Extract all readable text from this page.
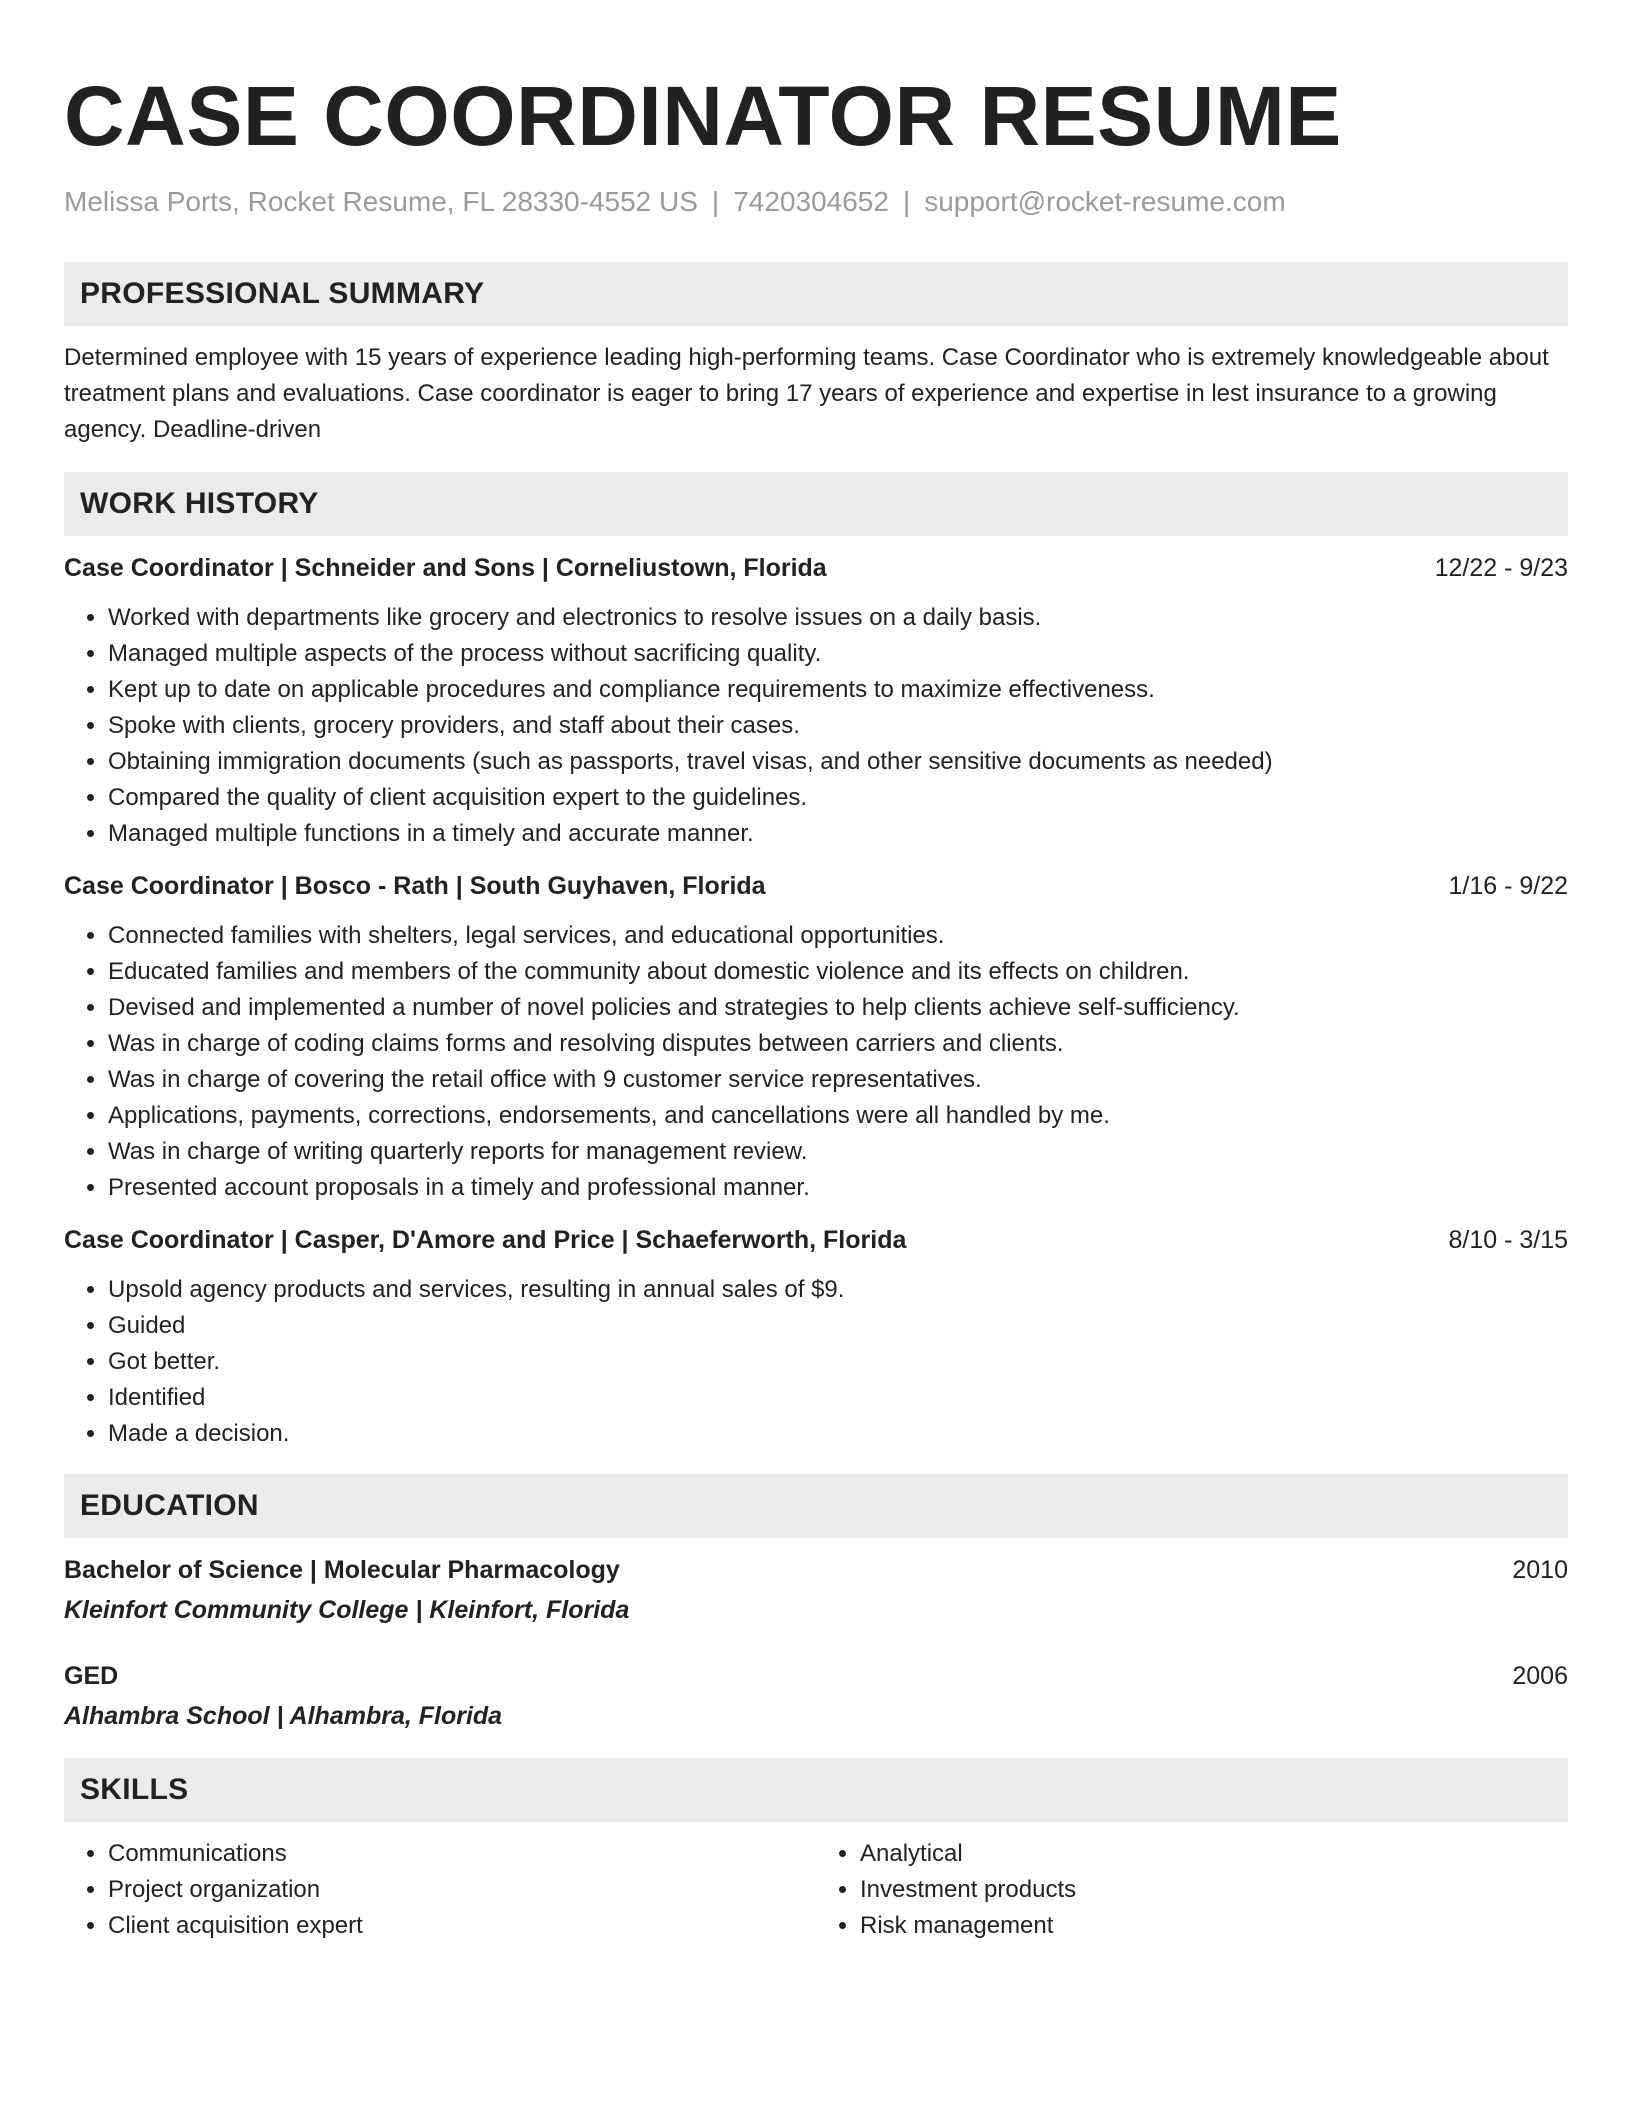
CASE COORDINATOR RESUME
Melissa Ports, Rocket Resume, FL 28330-4552 US | 7420304652 | support@rocket-resume.com
PROFESSIONAL SUMMARY

Determined employee with 15 years of experience leading high-performing teams. Case Coordinator who is extremely knowledgeable about treatment plans and evaluations. Case coordinator is eager to bring 17 years of experience and expertise in lest insurance to a growing agency. Deadline-driven

WORK HISTORY
Case Coordinator | Schneider and Sons | Corneliustown, Florida	12/22 - 9/23
• Worked with departments like grocery and electronics to resolve issues on a daily basis.
• Managed multiple aspects of the process without sacrificing quality.
• Kept up to date on applicable procedures and compliance requirements to maximize effectiveness.
• Spoke with clients, grocery providers, and staff about their cases.
• Obtaining immigration documents (such as passports, travel visas, and other sensitive documents as needed)
• Compared the quality of client acquisition expert to the guidelines.
• Managed multiple functions in a timely and accurate manner.
Case Coordinator | Bosco - Rath | South Guyhaven, Florida	1/16 - 9/22
• Connected families with shelters, legal services, and educational opportunities.
• Educated families and members of the community about domestic violence and its effects on children.
• Devised and implemented a number of novel policies and strategies to help clients achieve self-sufficiency.
• Was in charge of coding claims forms and resolving disputes between carriers and clients.
• Was in charge of covering the retail office with 9 customer service representatives.
• Applications, payments, corrections, endorsements, and cancellations were all handled by me.
• Was in charge of writing quarterly reports for management review.
• Presented account proposals in a timely and professional manner.
Case Coordinator | Casper, D'Amore and Price | Schaeferworth, Florida	8/10 - 3/15
• Upsold agency products and services, resulting in annual sales of $9.
• Guided
• Got better.
• Identified
• Made a decision.
EDUCATION
Bachelor of Science | Molecular Pharmacology	2010
Kleinfort Community College | Kleinfort, Florida
GED	2006
Alhambra School | Alhambra, Florida
SKILLS
• Communications
• Project organization
• Client acquisition expert
• Analytical
• Investment products
• Risk management
